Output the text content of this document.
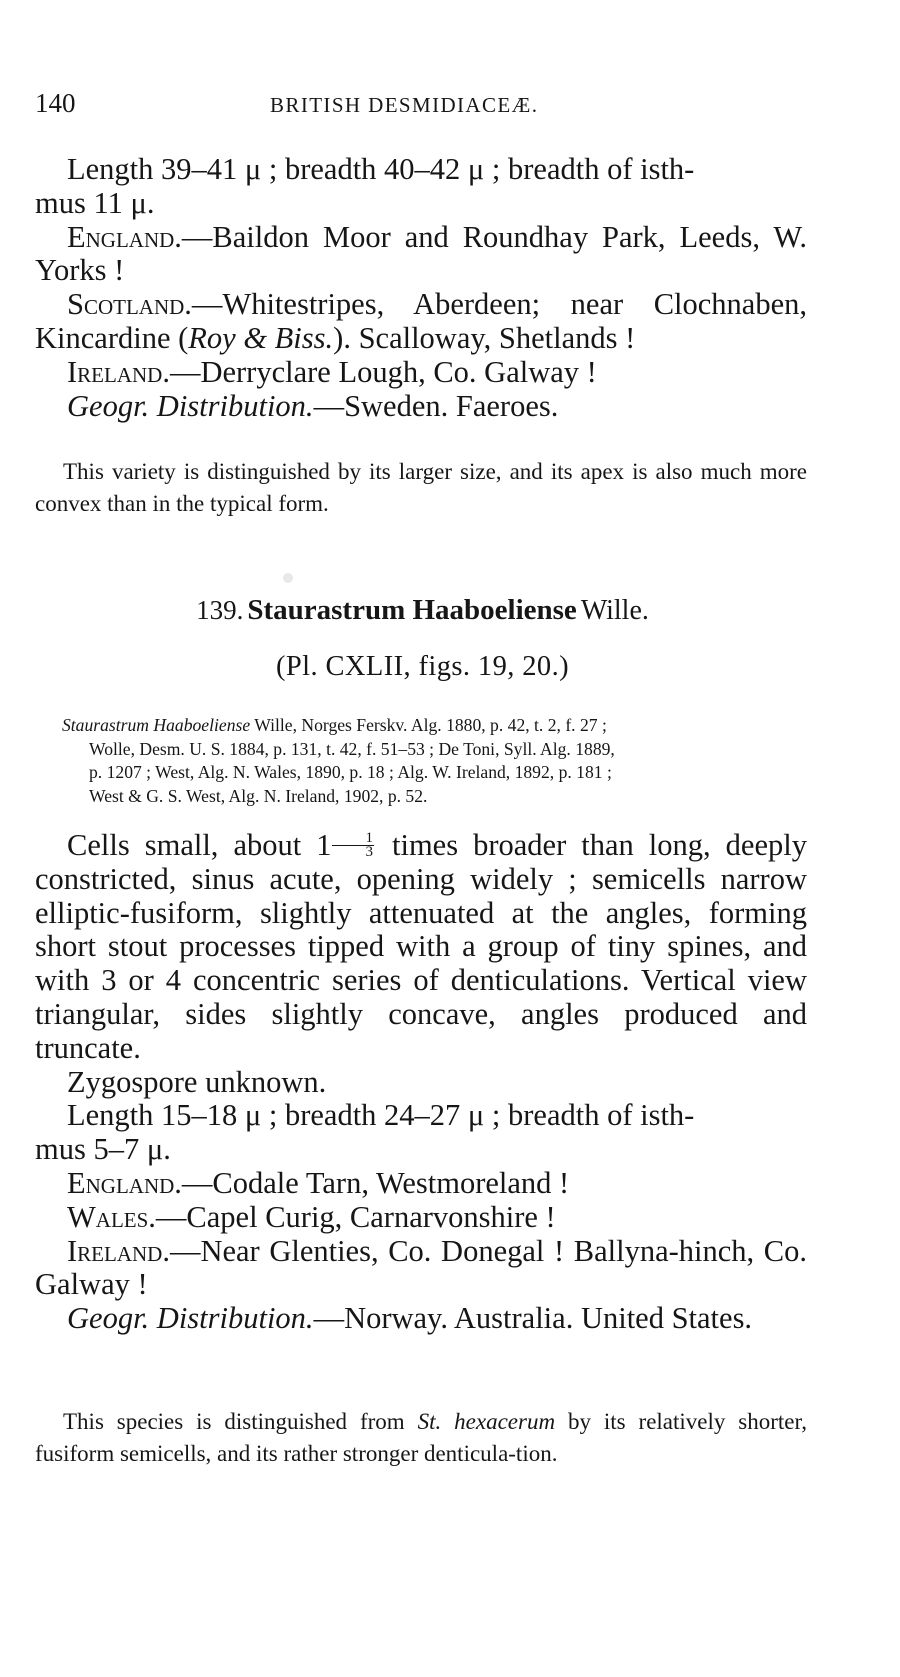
140	BRITISH DESMIDIACEÆ.

Length 39–41 μ ; breadth 40–42 μ ; breadth of isth-
mus 11 μ.

England.—Baildon Moor and Roundhay Park, Leeds, W. Yorks !

Scotland.—Whitestripes, Aberdeen; near Clochnaben, Kincardine (Roy & Biss.). Scalloway, Shetlands !

Ireland.—Derryclare Lough, Co. Galway !

Geogr. Distribution.—Sweden. Faeroes.

This variety is distinguished by its larger size, and its apex is also much more convex than in the typical form.

139. Staurastrum Haaboeliense Wille.
(Pl. CXLII, figs. 19, 20.)
Staurastrum Haaboeliense Wille, Norges Ferskv. Alg. 1880, p. 42, t. 2, f. 27 ;
Wolle, Desm. U. S. 1884, p. 131, t. 42, f. 51–53 ; De Toni, Syll. Alg. 1889,
p. 1207 ; West, Alg. N. Wales, 1890, p. 18 ; Alg. W. Ireland, 1892, p. 181 ;
West & G. S. West, Alg. N. Ireland, 1902, p. 52.

Cells small, about $1 \frac{1}{3}$ times broader than long, deeply constricted, sinus acute, opening widely ; semicells narrow elliptic-fusiform, slightly attenuated at the angles, forming short stout processes tipped with a group of tiny spines, and with 3 or 4 concentric series of denticulations. Vertical view triangular, sides slightly concave, angles produced and truncate.

Zygospore unknown.

Length 15–18 μ ; breadth 24–27 μ ; breadth of isth-
mus 5–7 μ.

England.—Codale Tarn, Westmoreland !

Wales.—Capel Curig, Carnarvonshire !

Ireland.—Near Glenties, Co. Donegal ! Ballyna-hinch, Co. Galway !

Geogr. Distribution.—Norway. Australia. United States.

This species is distinguished from St. hexacerum by its relatively shorter, fusiform semicells, and its rather stronger denticula-tion.
